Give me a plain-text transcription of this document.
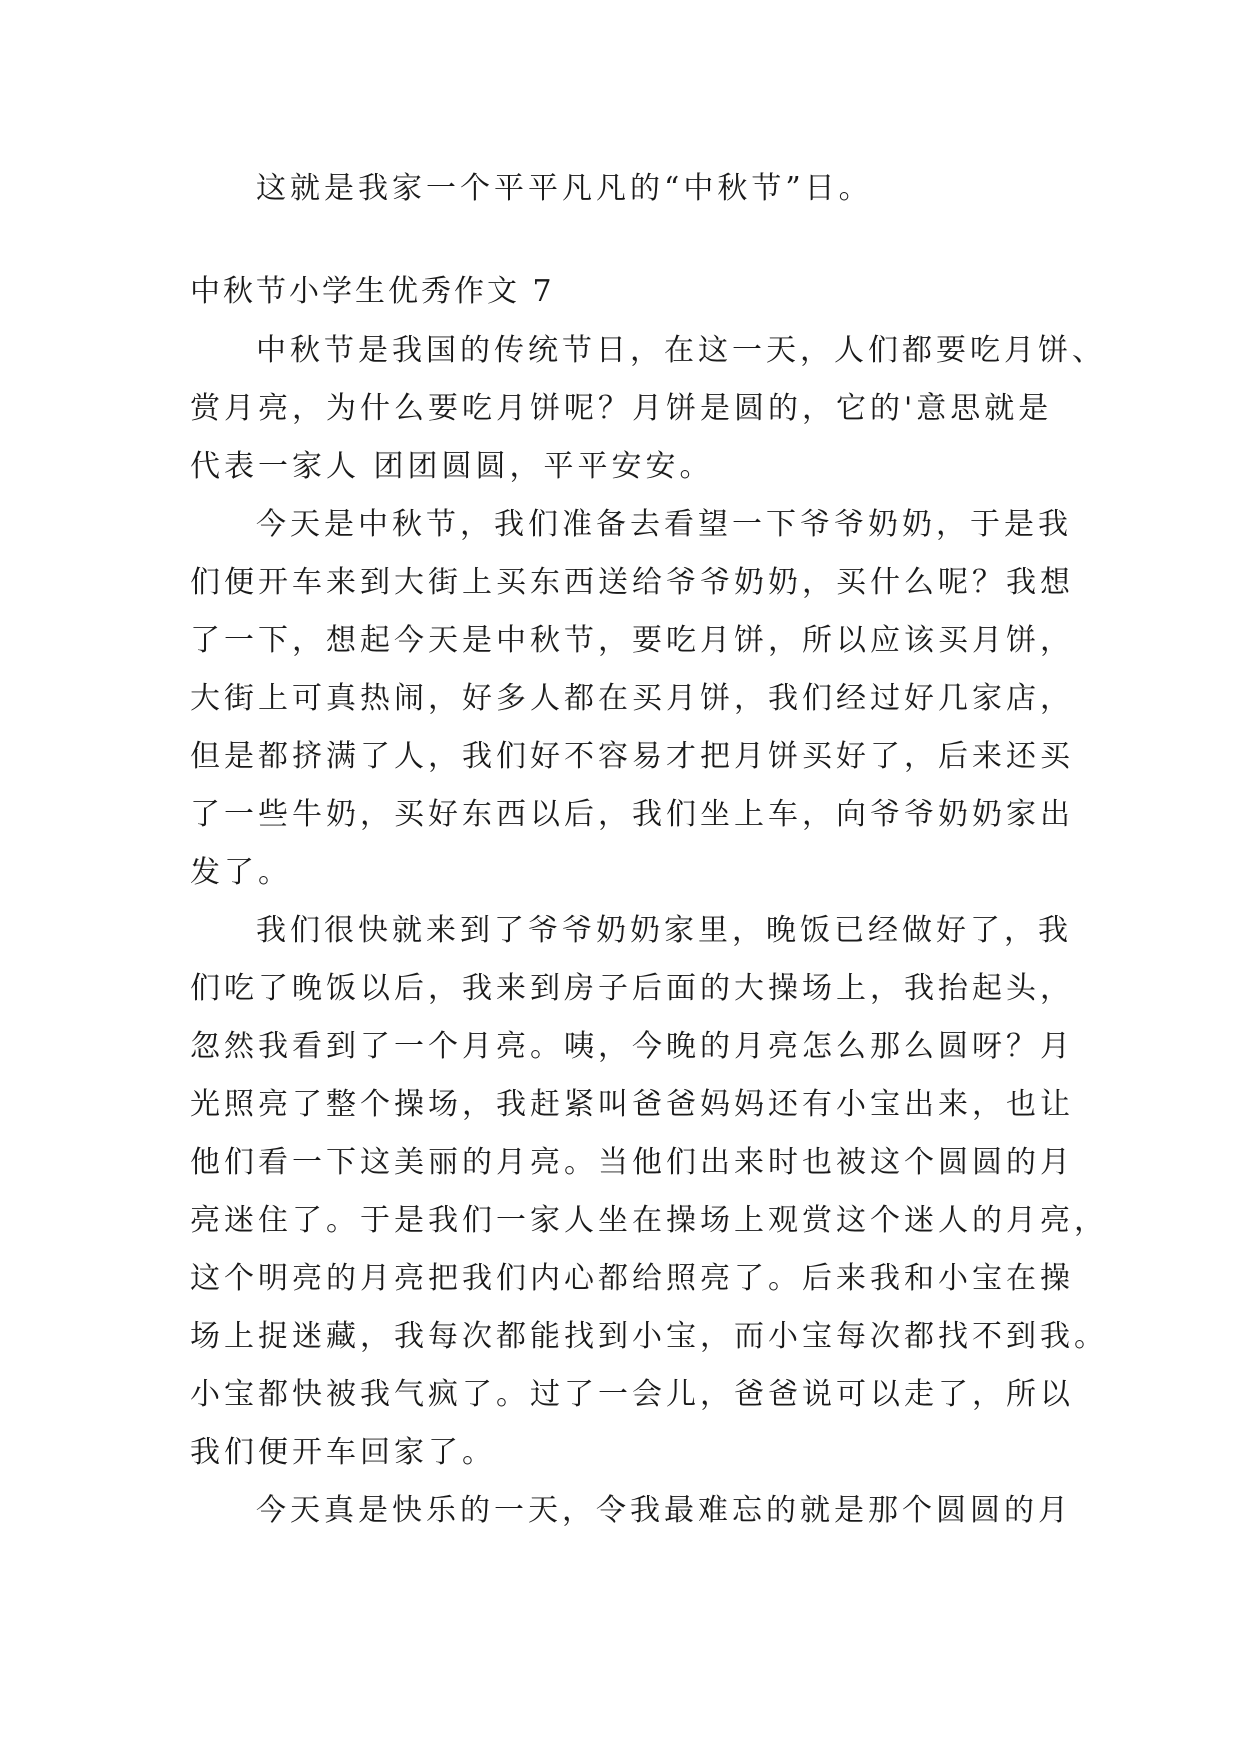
这就是我家一个平平凡凡的“中秋节”日。
中秋节小学生优秀作文 7
中秋节是我国的传统节日，在这一天，人们都要吃月饼、
赏月亮，为什么要吃月饼呢？月饼是圆的，它的'意思就是
代表一家人 团团圆圆，平平安安。
今天是中秋节，我们准备去看望一下爷爷奶奶，于是我
们便开车来到大街上买东西送给爷爷奶奶，买什么呢？我想
了一下，想起今天是中秋节，要吃月饼，所以应该买月饼，
大街上可真热闹，好多人都在买月饼，我们经过好几家店，
但是都挤满了人，我们好不容易才把月饼买好了，后来还买
了一些牛奶，买好东西以后，我们坐上车，向爷爷奶奶家出
发了。
我们很快就来到了爷爷奶奶家里，晚饭已经做好了，我
们吃了晚饭以后，我来到房子后面的大操场上，我抬起头，
忽然我看到了一个月亮。咦，今晚的月亮怎么那么圆呀？月
光照亮了整个操场，我赶紧叫爸爸妈妈还有小宝出来，也让
他们看一下这美丽的月亮。当他们出来时也被这个圆圆的月
亮迷住了。于是我们一家人坐在操场上观赏这个迷人的月亮，
这个明亮的月亮把我们内心都给照亮了。后来我和小宝在操
场上捉迷藏，我每次都能找到小宝，而小宝每次都找不到我。
小宝都快被我气疯了。过了一会儿，爸爸说可以走了，所以
我们便开车回家了。
今天真是快乐的一天，令我最难忘的就是那个圆圆的月
